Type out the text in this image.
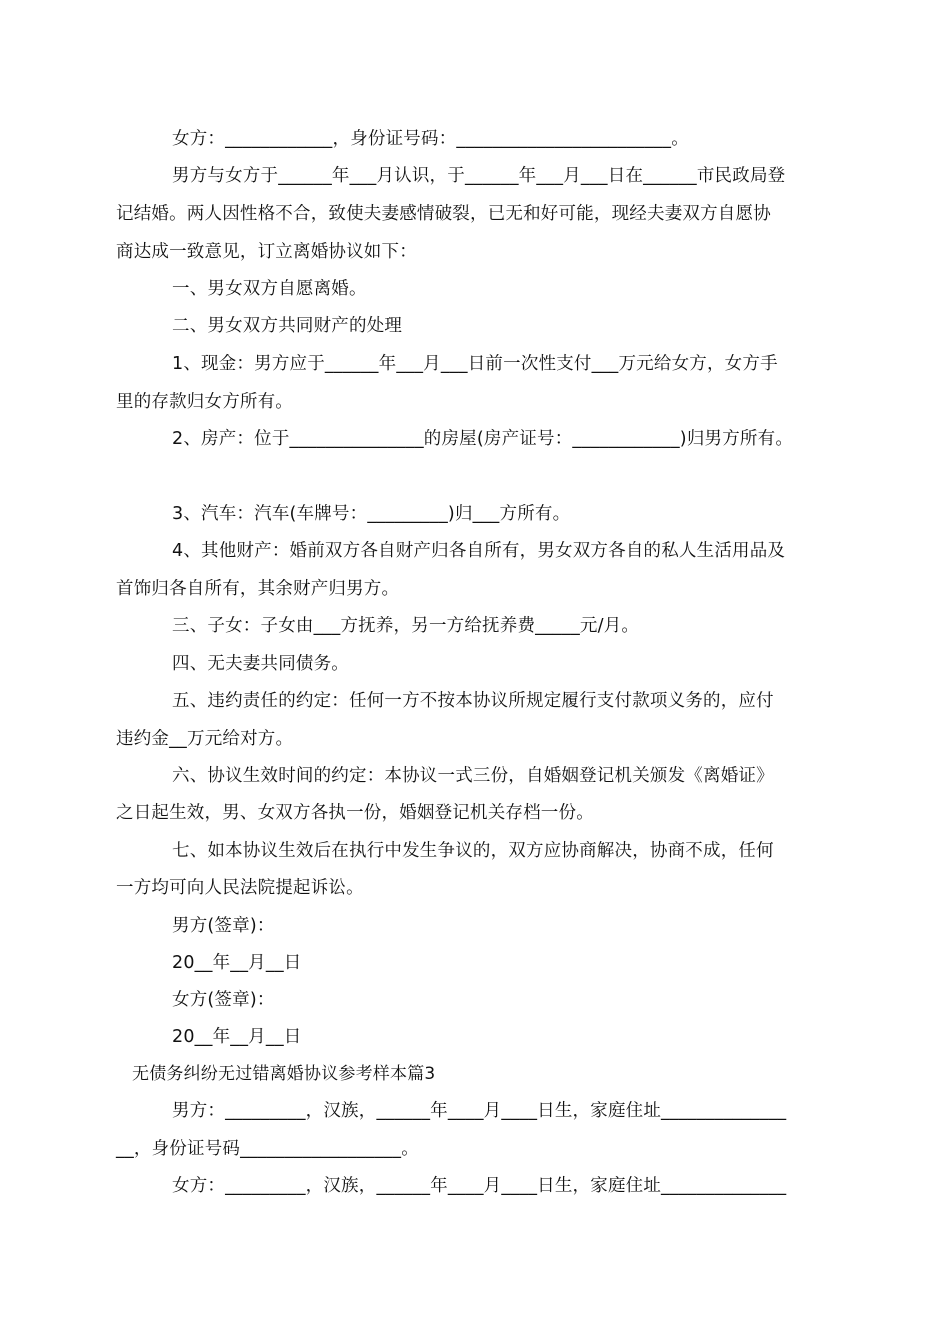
女方：____________，身份证号码：________________________。
男方与女方于______年___月认识，于______年___月___日在______市民政局登
记结婚。两人因性格不合，致使夫妻感情破裂，已无和好可能，现经夫妻双方自愿协
商达成一致意见，订立离婚协议如下：
一、男女双方自愿离婚。
二、男女双方共同财产的处理
1、现金：男方应于______年___月___日前一次性支付___万元给女方，女方手
里的存款归女方所有。
2、房产：位于_______________的房屋(房产证号：____________)归男方所有。
3、汽车：汽车(车牌号：_________)归___方所有。
4、其他财产：婚前双方各自财产归各自所有，男女双方各自的私人生活用品及
首饰归各自所有，其余财产归男方。
三、子女：子女由___方抚养，另一方给抚养费_____元/月。
四、无夫妻共同债务。
五、违约责任的约定：任何一方不按本协议所规定履行支付款项义务的，应付
违约金__万元给对方。
六、协议生效时间的约定：本协议一式三份，自婚姻登记机关颁发《离婚证》
之日起生效，男、女双方各执一份，婚姻登记机关存档一份。
七、如本协议生效后在执行中发生争议的，双方应协商解决，协商不成，任何
一方均可向人民法院提起诉讼。
男方(签章)：
20__年__月__日
女方(签章)：
20__年__月__日
无债务纠纷无过错离婚协议参考样本篇3
男方：_________，汉族，______年____月____日生，家庭住址______________
__，身份证号码__________________。
女方：_________，汉族，______年____月____日生，家庭住址______________
